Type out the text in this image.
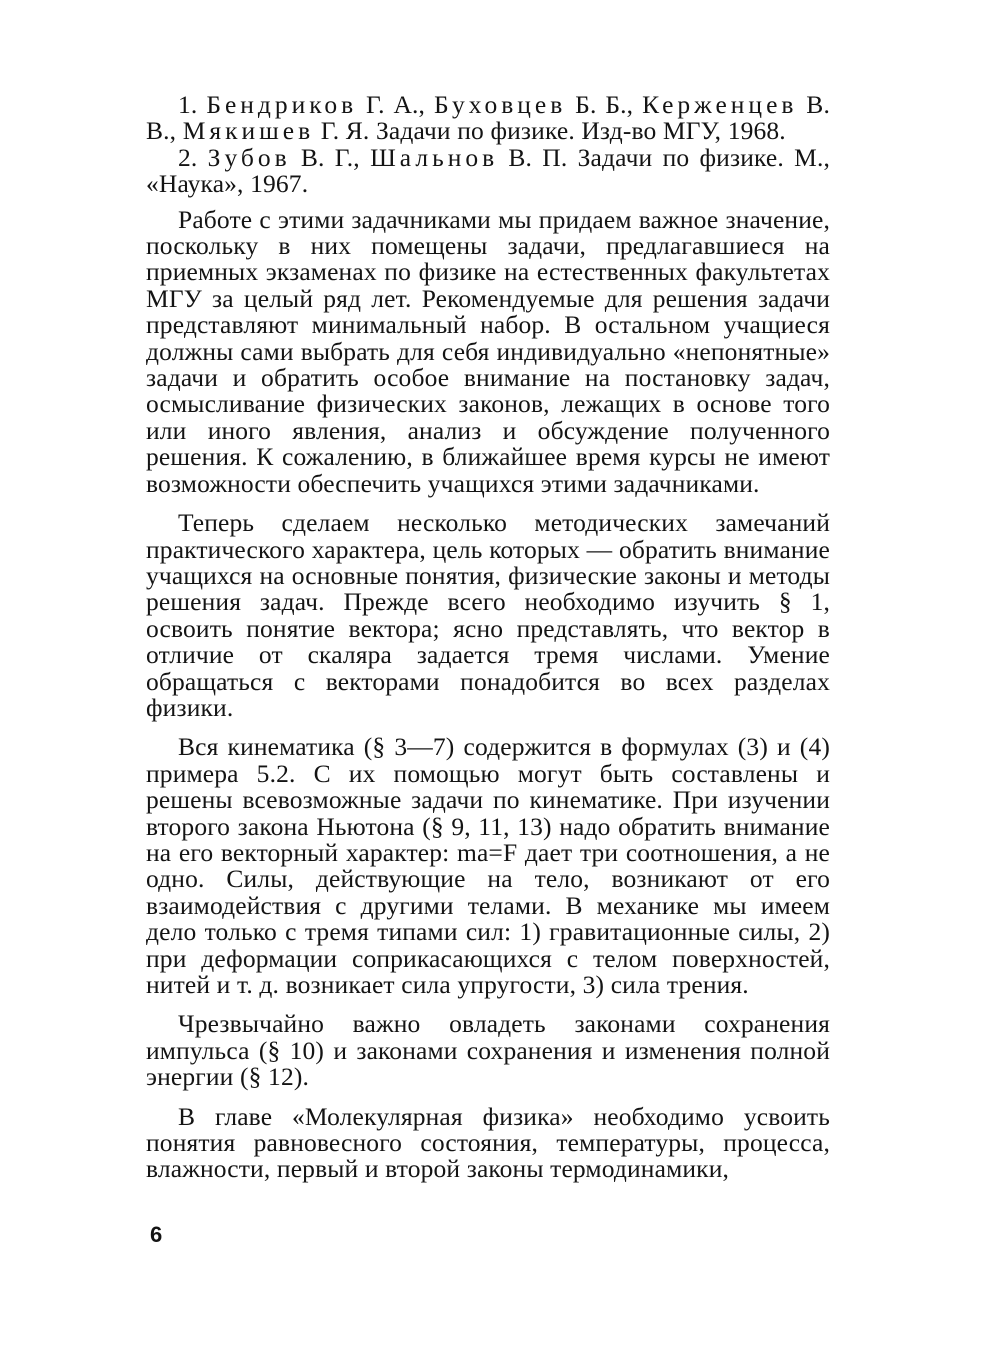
1. Бендриков Г. А., Буховцев Б. Б., Керженцев В. В., Мякишев Г. Я. Задачи по физике. Изд-во МГУ, 1968.

2. Зубов В. Г., Шальнов В. П. Задачи по физике. М., «Наука», 1967.

Работе с этими задачниками мы придаем важное значение, поскольку в них помещены задачи, предлагавшиеся на приемных экзаменах по физике на естественных факультетах МГУ за целый ряд лет. Рекомендуемые для решения задачи представляют минимальный набор. В остальном учащиеся должны сами выбрать для себя индивидуально «непонятные» задачи и обратить особое внимание на постановку задач, осмысливание физических законов, лежащих в основе того или иного явления, анализ и обсуждение полученного решения. К сожалению, в ближайшее время курсы не имеют возможности обеспечить учащихся этими задачниками.

Теперь сделаем несколько методических замечаний практического характера, цель которых — обратить внимание учащихся на основные понятия, физические законы и методы решения задач. Прежде всего необходимо изучить § 1, освоить понятие вектора; ясно представлять, что вектор в отличие от скаляра задается тремя числами. Умение обращаться с векторами понадобится во всех разделах физики.

Вся кинематика (§ 3—7) содержится в формулах (3) и (4) примера 5.2. С их помощью могут быть составлены и решены всевозможные задачи по кинематике. При изучении второго закона Ньютона (§ 9, 11, 13) надо обратить внимание на его векторный характер: ma=F дает три соотношения, а не одно. Силы, действующие на тело, возникают от его взаимодействия с другими телами. В механике мы имеем дело только с тремя типами сил: 1) гравитационные силы, 2) при деформации соприкасающихся с телом поверхностей, нитей и т. д. возникает сила упругости, 3) сила трения.

Чрезвычайно важно овладеть законами сохранения импульса (§ 10) и законами сохранения и изменения полной энергии (§ 12).

В главе «Молекулярная физика» необходимо усвоить понятия равновесного состояния, температуры, процесса, влажности, первый и второй законы термодинамики,

6
